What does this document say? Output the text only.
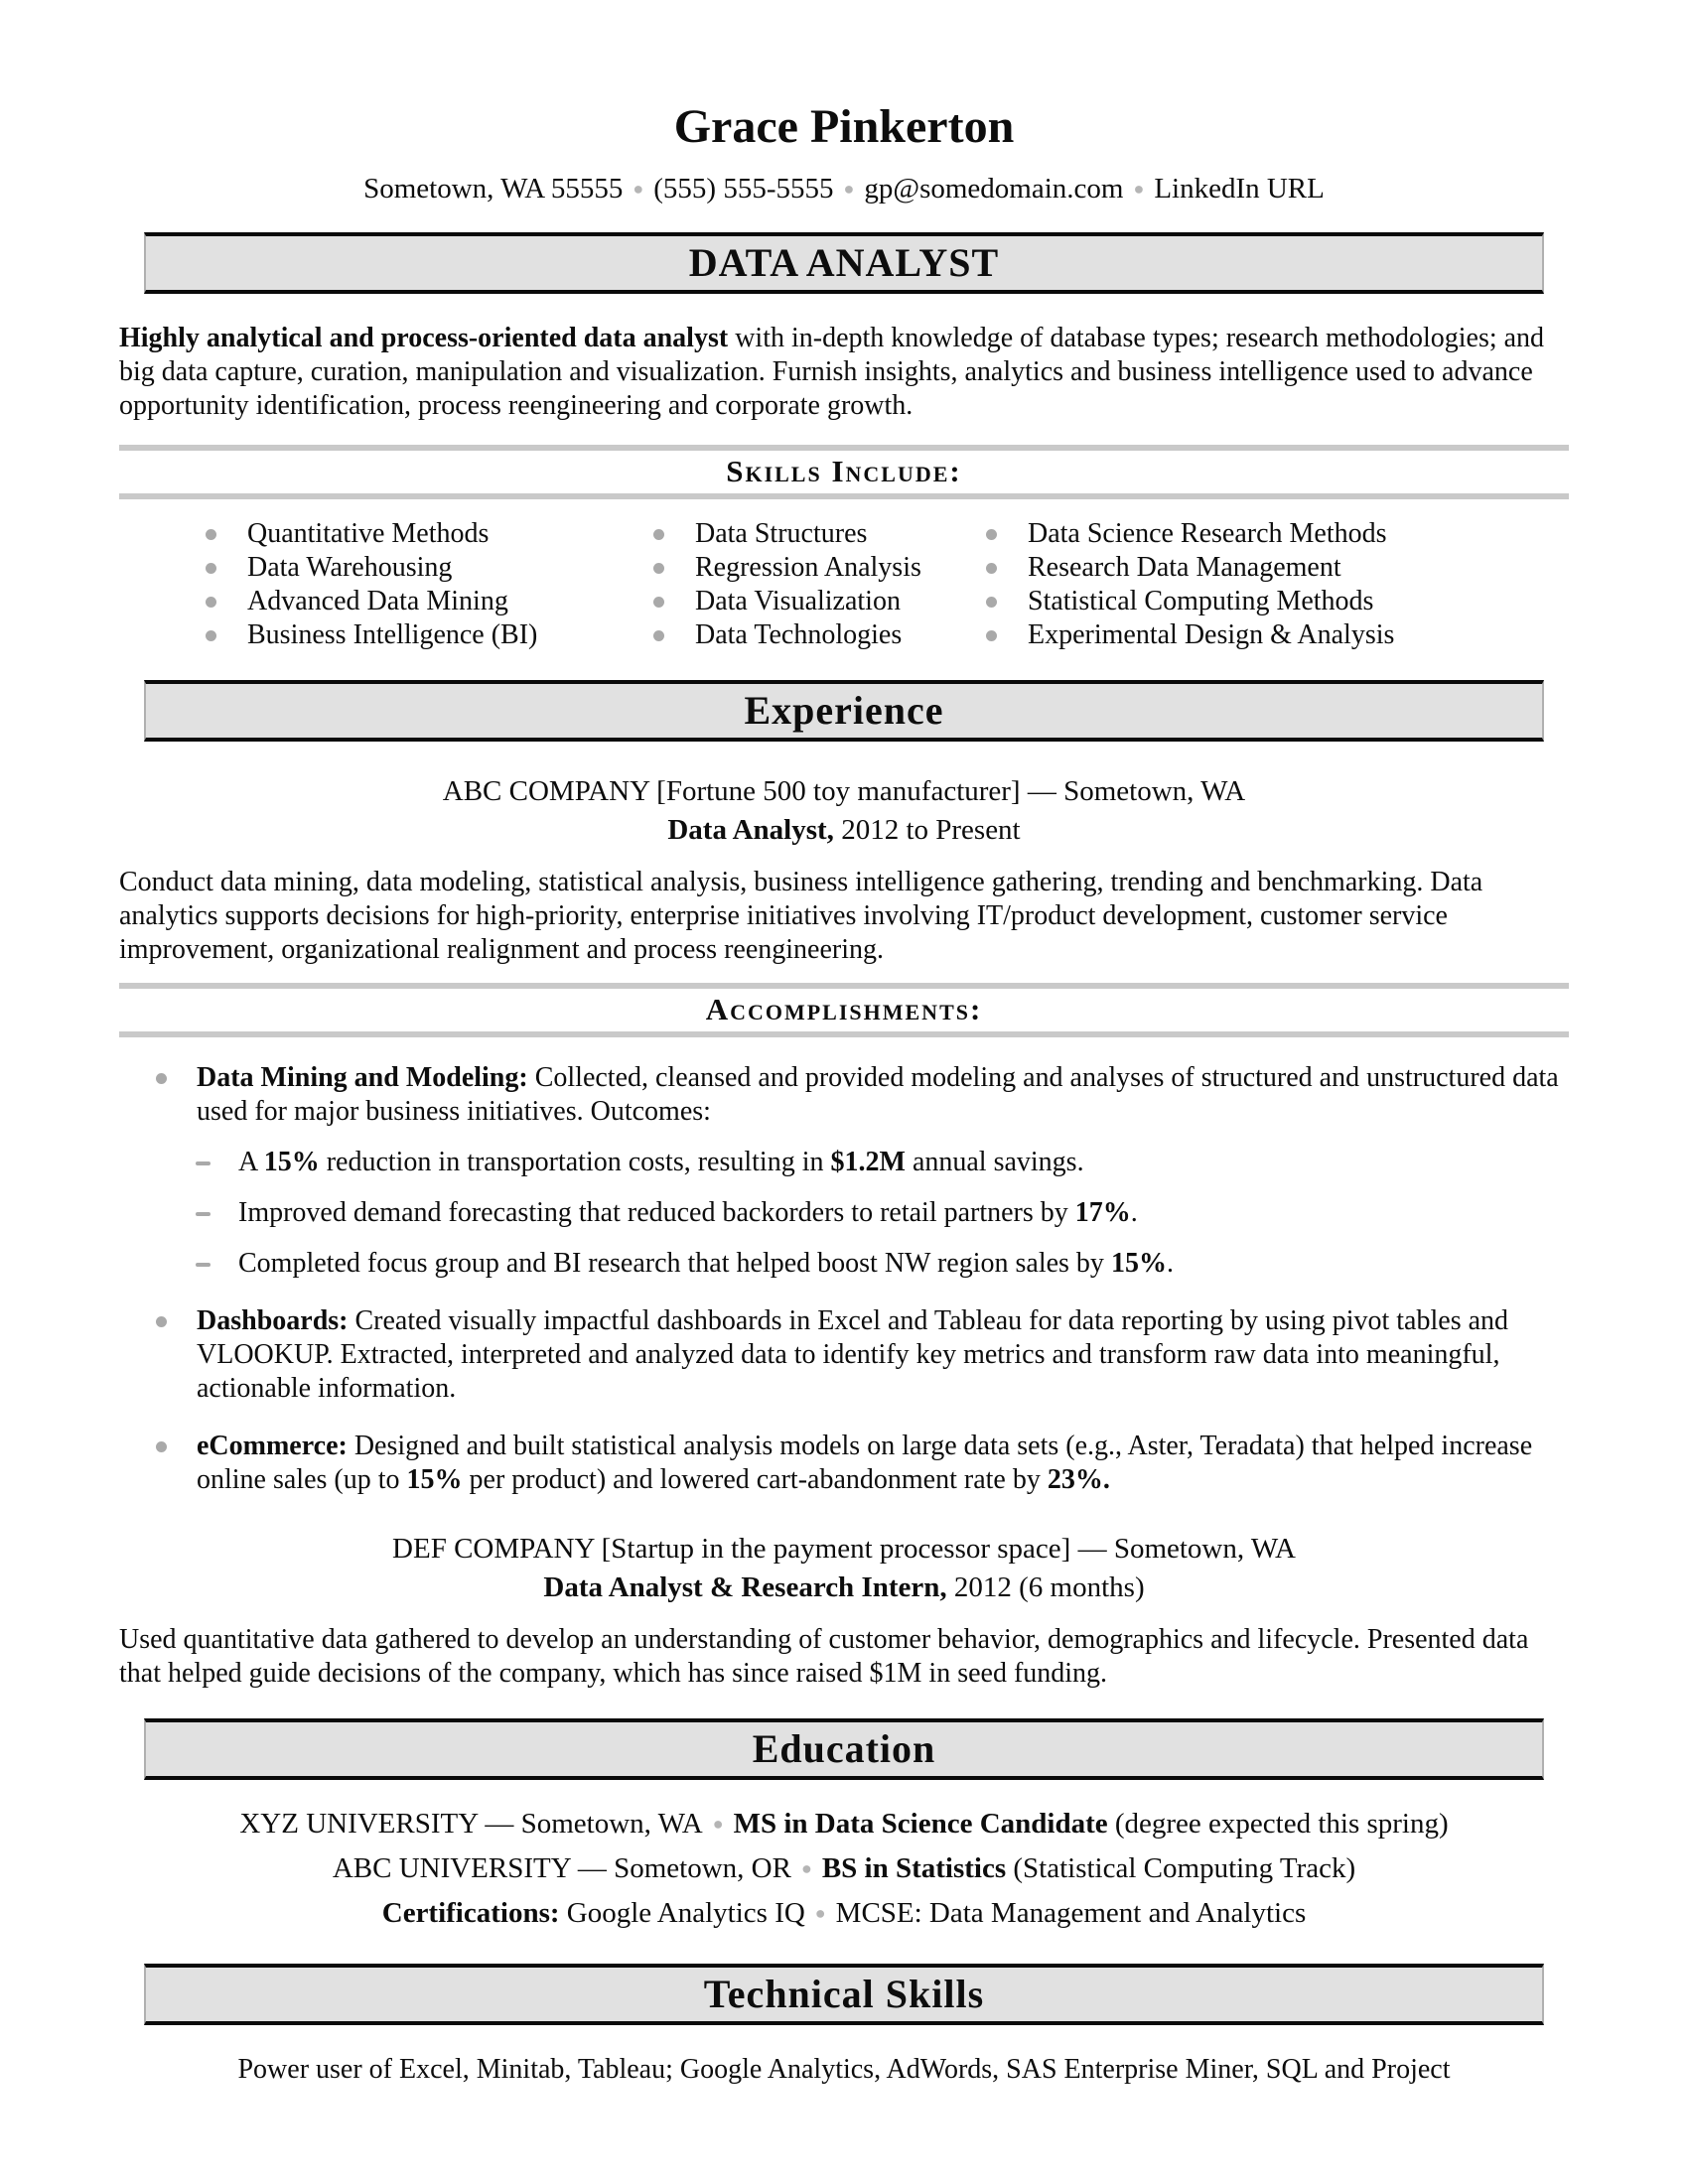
Grace Pinkerton
Sometown, WA 55555 ● (555) 555-5555 ● gp@somedomain.com ● LinkedIn URL
DATA ANALYST

Highly analytical and process-oriented data analyst with in-depth knowledge of database types; research methodologies; and big data capture, curation, manipulation and visualization. Furnish insights, analytics and business intelligence used to advance opportunity identification, process reengineering and corporate growth.

Skills Include:
Quantitative Methods
Data Warehousing
Advanced Data Mining
Business Intelligence (BI)
Data Structures
Regression Analysis
Data Visualization
Data Technologies
Data Science Research Methods
Research Data Management
Statistical Computing Methods
Experimental Design & Analysis
Experience
ABC COMPANY [Fortune 500 toy manufacturer] — Sometown, WA
Data Analyst, 2012 to Present

Conduct data mining, data modeling, statistical analysis, business intelligence gathering, trending and benchmarking. Data analytics supports decisions for high-priority, enterprise initiatives involving IT/product development, customer service improvement, organizational realignment and process reengineering.

Accomplishments:
Data Mining and Modeling: Collected, cleansed and provided modeling and analyses of structured and unstructured data used for major business initiatives. Outcomes:
A 15% reduction in transportation costs, resulting in $1.2M annual savings.
Improved demand forecasting that reduced backorders to retail partners by 17%.
Completed focus group and BI research that helped boost NW region sales by 15%.
Dashboards: Created visually impactful dashboards in Excel and Tableau for data reporting by using pivot tables and VLOOKUP. Extracted, interpreted and analyzed data to identify key metrics and transform raw data into meaningful, actionable information.
eCommerce: Designed and built statistical analysis models on large data sets (e.g., Aster, Teradata) that helped increase online sales (up to 15% per product) and lowered cart-abandonment rate by 23%.
DEF COMPANY [Startup in the payment processor space] — Sometown, WA
Data Analyst & Research Intern, 2012 (6 months)

Used quantitative data gathered to develop an understanding of customer behavior, demographics and lifecycle. Presented data that helped guide decisions of the company, which has since raised $1M in seed funding.

Education
XYZ UNIVERSITY — Sometown, WA ● MS in Data Science Candidate (degree expected this spring)
ABC UNIVERSITY — Sometown, OR ● BS in Statistics (Statistical Computing Track)
Certifications: Google Analytics IQ ● MCSE: Data Management and Analytics
Technical Skills
Power user of Excel, Minitab, Tableau; Google Analytics, AdWords, SAS Enterprise Miner, SQL and Project
